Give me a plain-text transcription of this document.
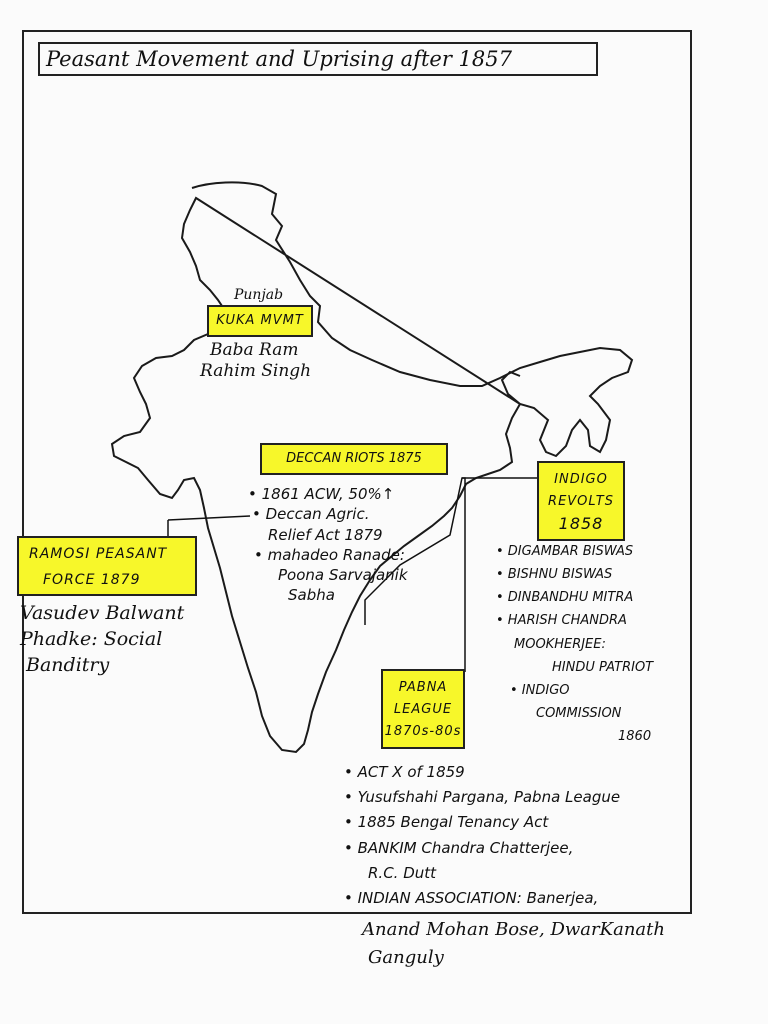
Peasant Movement and Uprising after 1857
Punjab
KUKA MVMT
Baba Ram
Rahim Singh
DECCAN RIOTS 1875
• 1861 ACW, 50%↑
• Deccan Agric.
Relief Act 1879
• mahadeo Ranade:
Poona Sarvajanik
Sabha
RAMOSI PEASANT
FORCE 1879
Vasudev Balwant
Phadke: Social
Banditry
INDIGO
REVOLTS
1858
• DIGAMBAR BISWAS
• BISHNU BISWAS
• DINBANDHU MITRA
• HARISH CHANDRA
MOOKHERJEE:
HINDU PATRIOT
• INDIGO
COMMISSION
1860
PABNA
LEAGUE
1870s-80s
• ACT X of 1859
• Yusufshahi Pargana, Pabna League
• 1885 Bengal Tenancy Act
• BANKIM Chandra Chatterjee,
R.C. Dutt
• INDIAN ASSOCIATION: Banerjea,
Anand Mohan Bose, DwarKanath
Ganguly
